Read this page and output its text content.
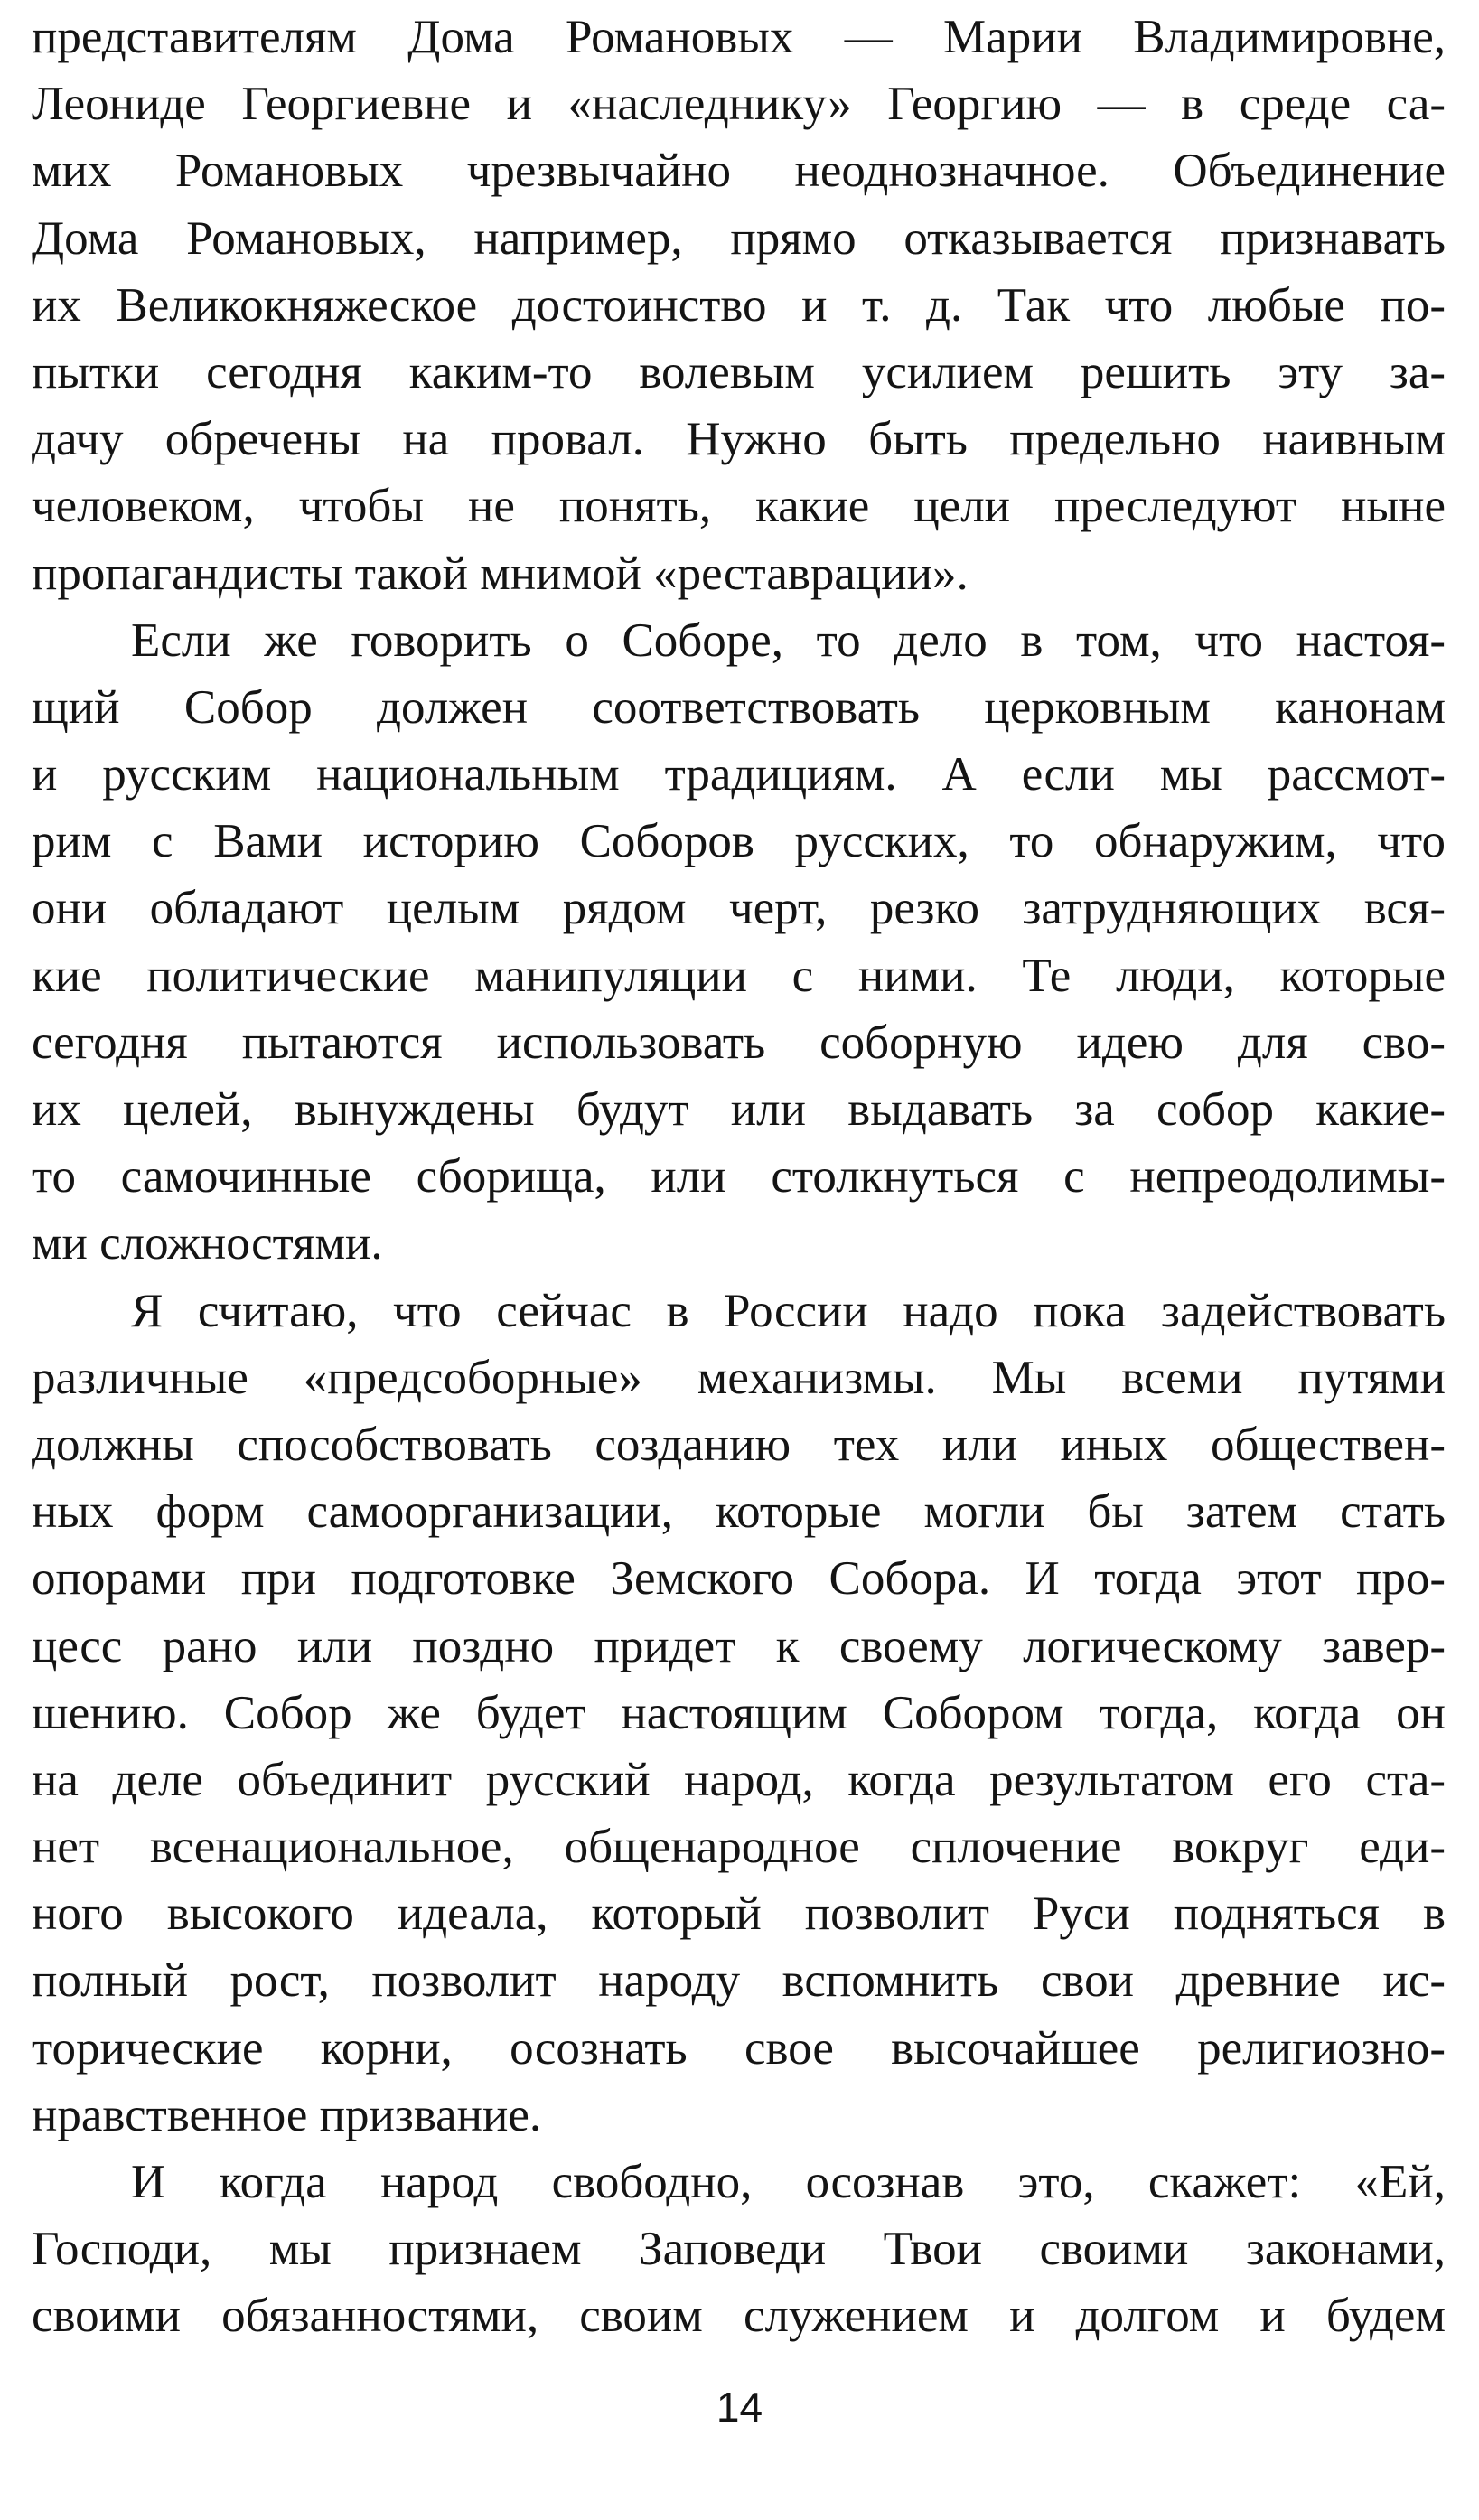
представителям Дома Романовых — Марии Владимировне,
Леониде Георгиевне и «наследнику» Георгию — в среде са-
мих Романовых чрезвычайно неоднозначное. Объединение
Дома Романовых, например, прямо отказывается признавать
их Великокняжеское достоинство и т. д. Так что любые по-
пытки сегодня каким-то волевым усилием решить эту за-
дачу обречены на провал. Нужно быть предельно наивным
человеком, чтобы не понять, какие цели преследуют ныне
пропагандисты такой мнимой «реставрации».
Если же говорить о Соборе, то дело в том, что настоя-
щий Собор должен соответствовать церковным канонам
и русским национальным традициям. А если мы рассмот-
рим с Вами историю Соборов русских, то обнаружим, что
они обладают целым рядом черт, резко затрудняющих вся-
кие политические манипуляции с ними. Те люди, которые
сегодня пытаются использовать соборную идею для сво-
их целей, вынуждены будут или выдавать за собор какие-
то самочинные сборища, или столкнуться с непреодолимы-
ми сложностями.
Я считаю, что сейчас в России надо пока задействовать
различные «предсоборные» механизмы. Мы всеми путями
должны способствовать созданию тех или иных обществен-
ных форм самоорганизации, которые могли бы затем стать
опорами при подготовке Земского Собора. И тогда этот про-
цесс рано или поздно придет к своему логическому завер-
шению. Собор же будет настоящим Собором тогда, когда он
на деле объединит русский народ, когда результатом его ста-
нет всенациональное, общенародное сплочение вокруг еди-
ного высокого идеала, который позволит Руси подняться в
полный рост, позволит народу вспомнить свои древние ис-
торические корни, осознать свое высочайшее религиозно-
нравственное призвание.
И когда народ свободно, осознав это, скажет: «Ей,
Господи, мы признаем Заповеди Твои своими законами,
своими обязанностями, своим служением и долгом и будем
14
